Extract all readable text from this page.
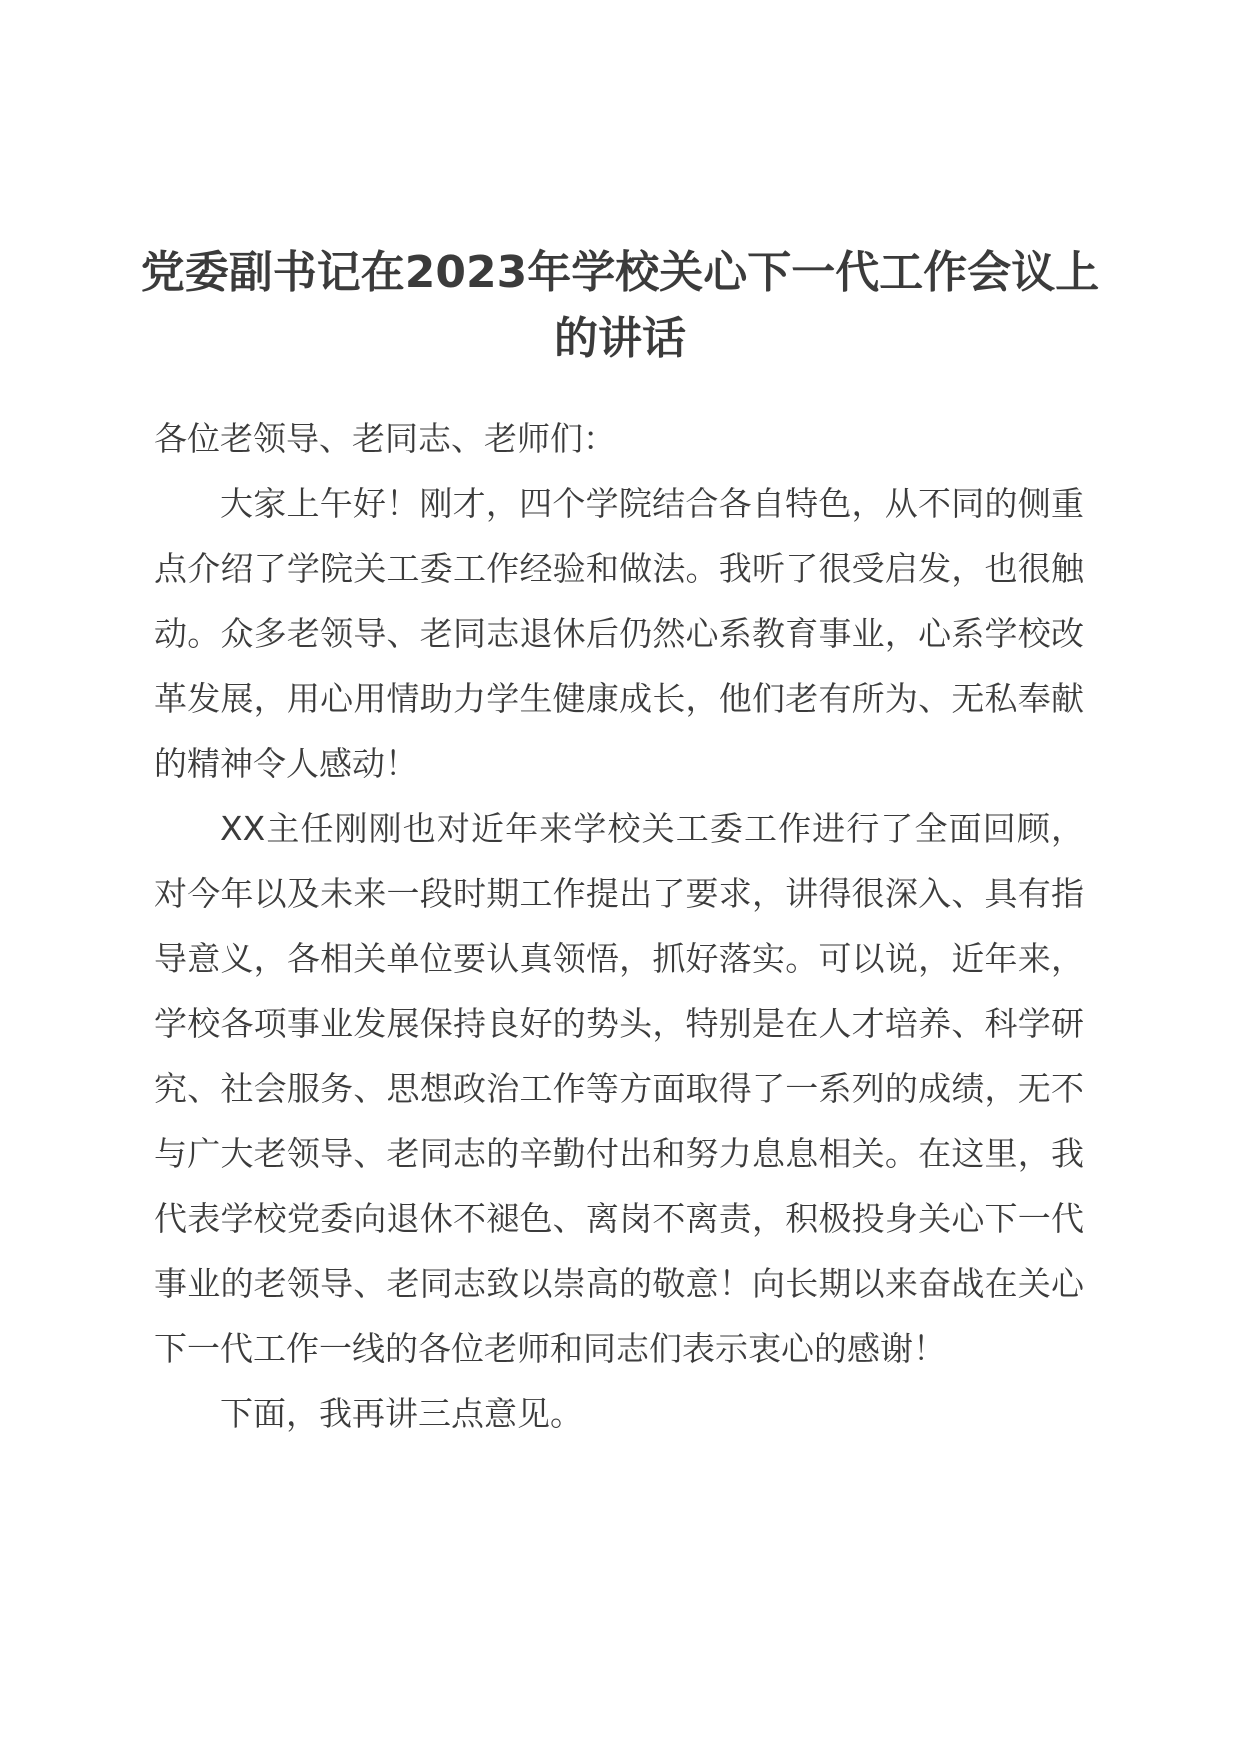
党委副书记在2023年学校关心下一代工作会议上的讲话

各位老领导、老同志、老师们：

大家上午好！刚才，四个学院结合各自特色，从不同的侧重点介绍了学院关工委工作经验和做法。我听了很受启发，也很触动。众多老领导、老同志退休后仍然心系教育事业，心系学校改革发展，用心用情助力学生健康成长，他们老有所为、无私奉献的精神令人感动！

XX主任刚刚也对近年来学校关工委工作进行了全面回顾，对今年以及未来一段时期工作提出了要求，讲得很深入、具有指导意义，各相关单位要认真领悟，抓好落实。可以说，近年来，学校各项事业发展保持良好的势头，特别是在人才培养、科学研究、社会服务、思想政治工作等方面取得了一系列的成绩，无不与广大老领导、老同志的辛勤付出和努力息息相关。在这里，我代表学校党委向退休不褪色、离岗不离责，积极投身关心下一代事业的老领导、老同志致以崇高的敬意！向长期以来奋战在关心下一代工作一线的各位老师和同志们表示衷心的感谢！

下面，我再讲三点意见。
